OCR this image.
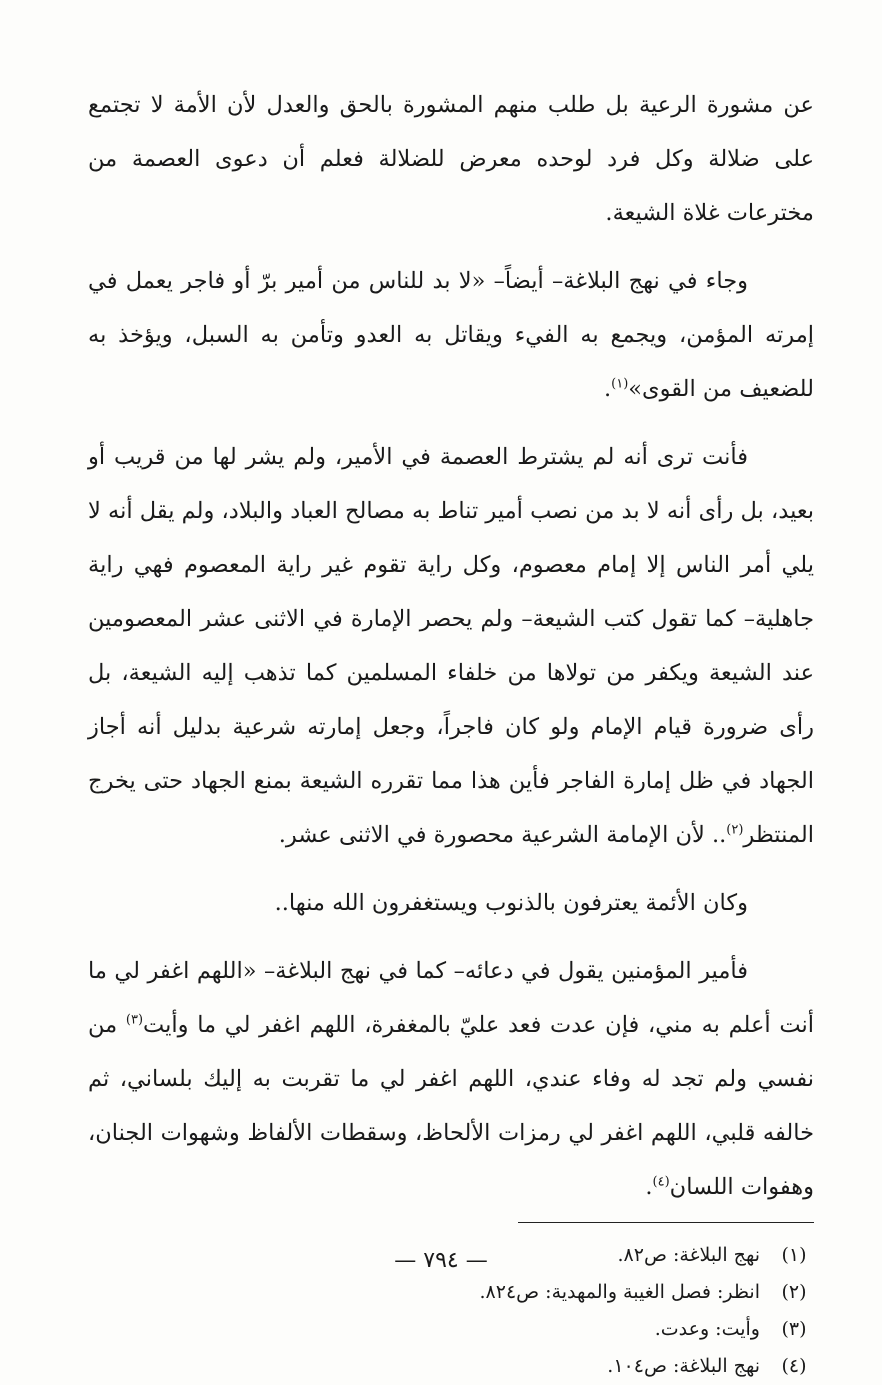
عن مشورة الرعية بل طلب منهم المشورة بالحق والعدل لأن الأمة لا تجتمع على ضلالة وكل فرد لوحده معرض للضلالة فعلم أن دعوى العصمة من مخترعات غلاة الشيعة.

وجاء في نهج البلاغة– أيضاً– «لا بد للناس من أمير برّ أو فاجر يعمل في إمرته المؤمن، ويجمع به الفيء ويقاتل به العدو وتأمن به السبل، ويؤخذ به للضعيف من القوى»$^{(١)}$.

فأنت ترى أنه لم يشترط العصمة في الأمير، ولم يشر لها من قريب أو بعيد، بل رأى أنه لا بد من نصب أمير تناط به مصالح العباد والبلاد، ولم يقل أنه لا يلي أمر الناس إلا إمام معصوم، وكل راية تقوم غير راية المعصوم فهي راية جاهلية– كما تقول كتب الشيعة– ولم يحصر الإمارة في الاثنى عشر المعصومين عند الشيعة ويكفر من تولاها من خلفاء المسلمين كما تذهب إليه الشيعة، بل رأى ضرورة قيام الإمام ولو كان فاجراً، وجعل إمارته شرعية بدليل أنه أجاز الجهاد في ظل إمارة الفاجر فأين هذا مما تقرره الشيعة بمنع الجهاد حتى يخرج المنتظر$^{(٢)}$.. لأن الإمامة الشرعية محصورة في الاثنى عشر.

وكان الأئمة يعترفون بالذنوب ويستغفرون الله منها..

فأمير المؤمنين يقول في دعائه– كما في نهج البلاغة– «اللهم اغفر لي ما أنت أعلم به مني، فإن عدت فعد عليّ بالمغفرة، اللهم اغفر لي ما وأيت$^{(٣)}$ من نفسي ولم تجد له وفاء عندي، اللهم اغفر لي ما تقربت به إليك بلساني، ثم خالفه قلبي، اللهم اغفر لي رمزات الألحاظ، وسقطات الألفاظ وشهوات الجنان، وهفوات اللسان$^{(٤)}$.

(١)
نهج البلاغة: ص٨٢.
(٢)
انظر: فصل الغيبة والمهدية: ص٨٢٤.
(٣)
وأيت: وعدت.
(٤)
نهج البلاغة: ص١٠٤.
— ٧٩٤ —
